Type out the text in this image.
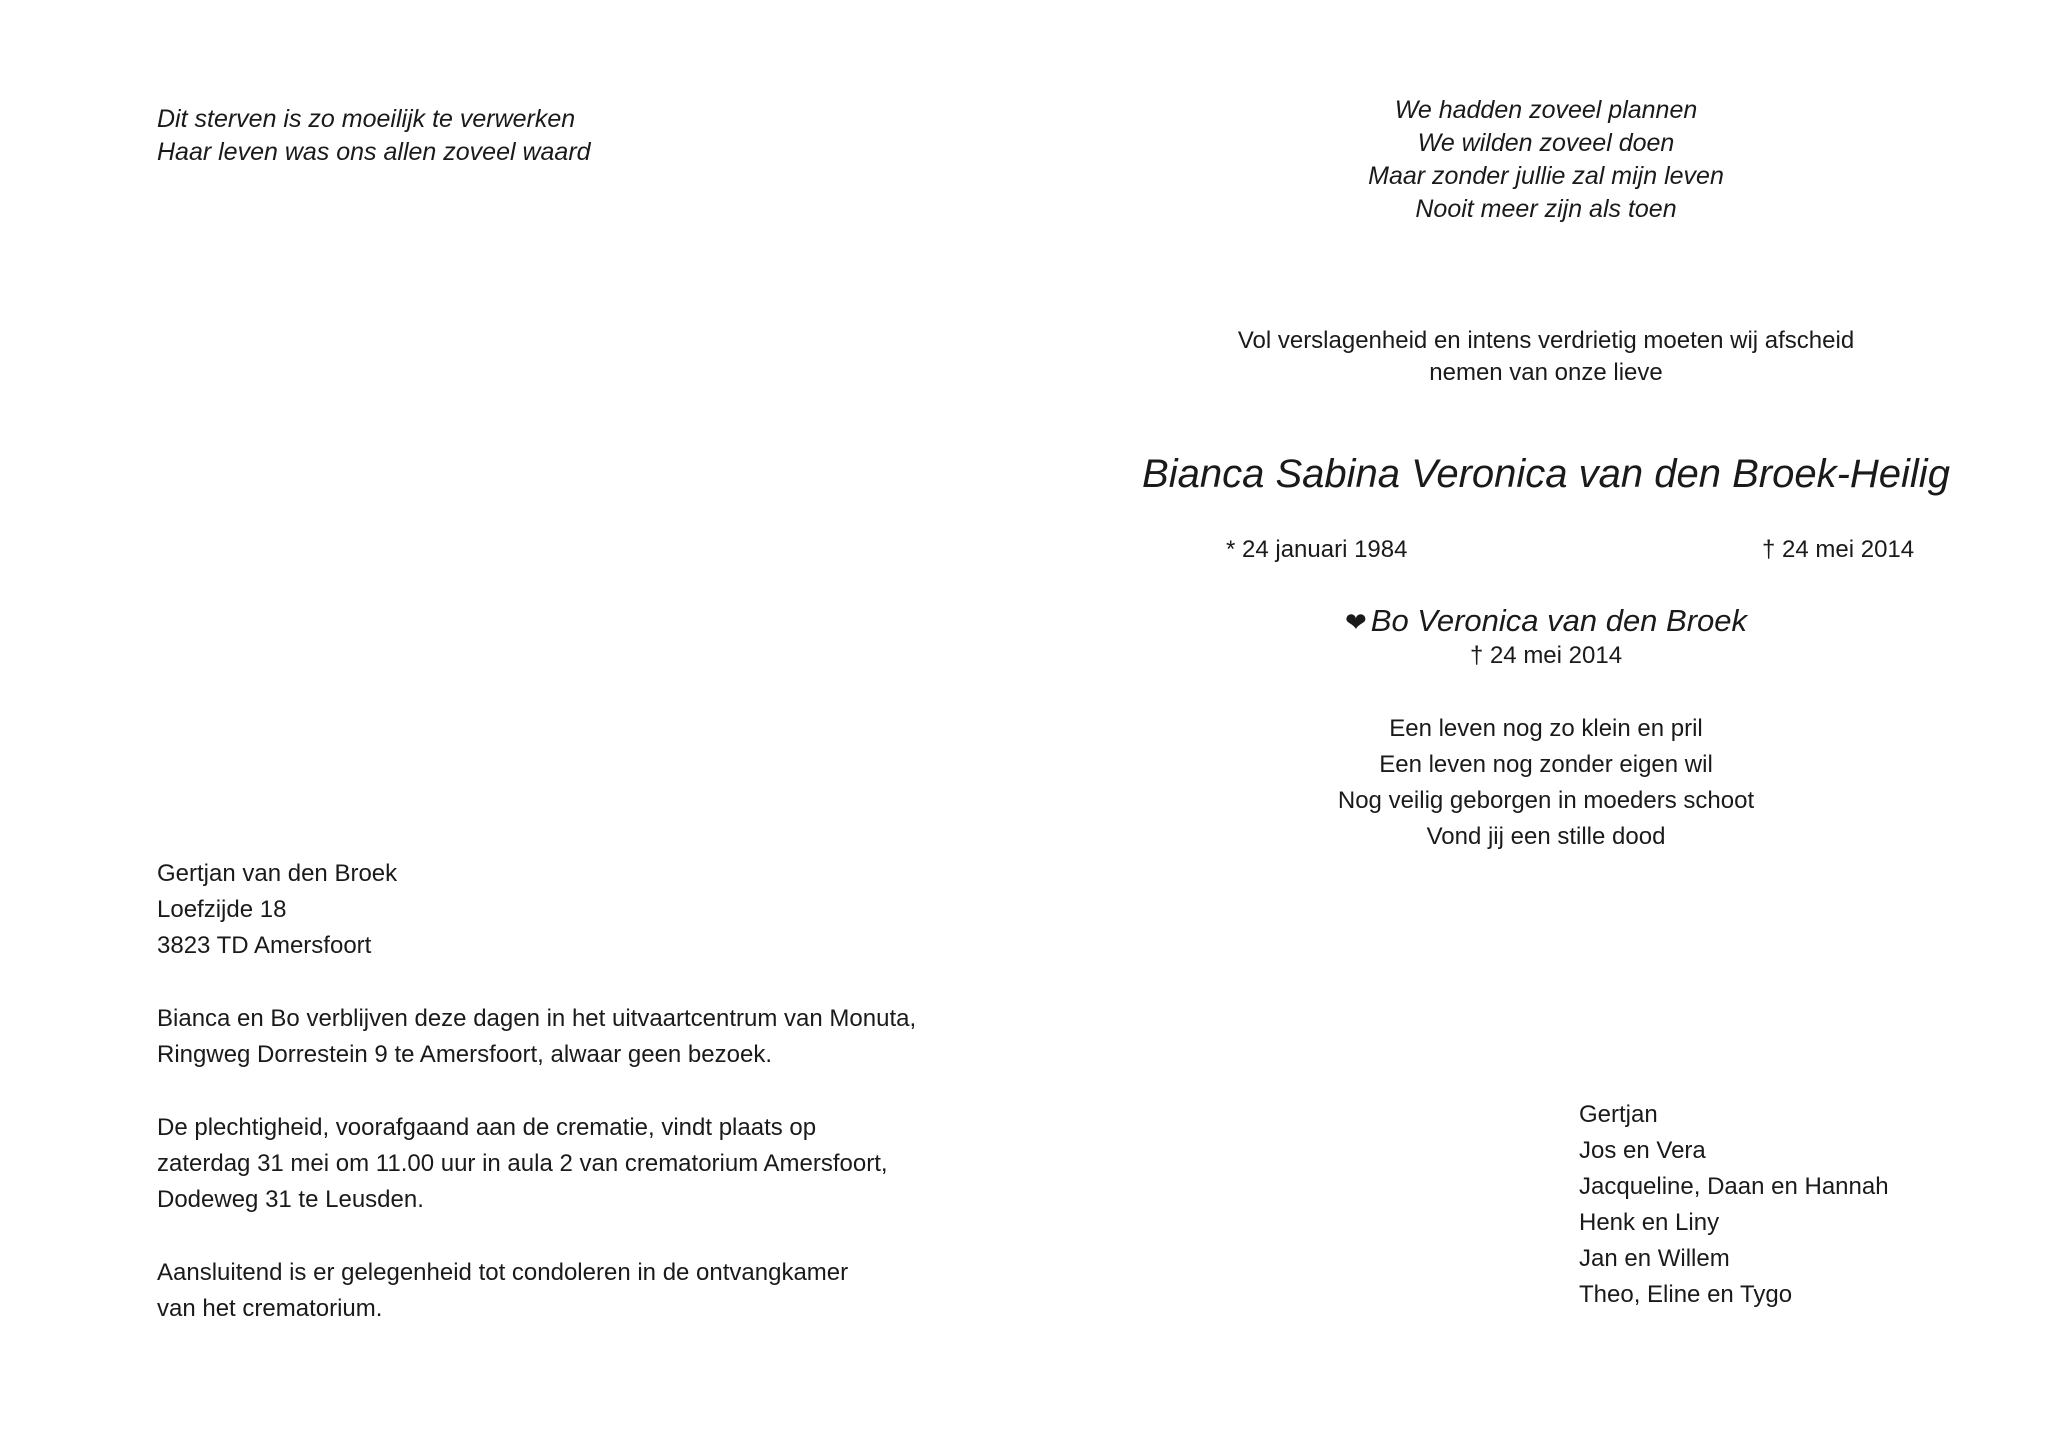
Dit sterven is zo moeilijk te verwerken
Haar leven was ons allen zoveel waard
Gertjan van den Broek
Loefzijde 18
3823 TD Amersfoort
Bianca en Bo verblijven deze dagen in het uitvaartcentrum van Monuta,
Ringweg Dorrestein 9 te Amersfoort, alwaar geen bezoek.
De plechtigheid, voorafgaand aan de crematie, vindt plaats op
zaterdag 31 mei om 11.00 uur in aula 2 van crematorium Amersfoort,
Dodeweg 31 te Leusden.
Aansluitend is er gelegenheid tot condoleren in de ontvangkamer
van het crematorium.
We hadden zoveel plannen
We wilden zoveel doen
Maar zonder jullie zal mijn leven
Nooit meer zijn als toen
Vol verslagenheid en intens verdrietig moeten wij afscheid
nemen van onze lieve
Bianca Sabina Veronica van den Broek-Heilig
* 24 januari 1984	† 24 mei 2014
❤ Bo Veronica van den Broek
† 24 mei 2014
Een leven nog zo klein en pril
Een leven nog zonder eigen wil
Nog veilig geborgen in moeders schoot
Vond jij een stille dood
Gertjan
Jos en Vera
Jacqueline, Daan en Hannah
Henk en Liny
Jan en Willem
Theo, Eline en Tygo
